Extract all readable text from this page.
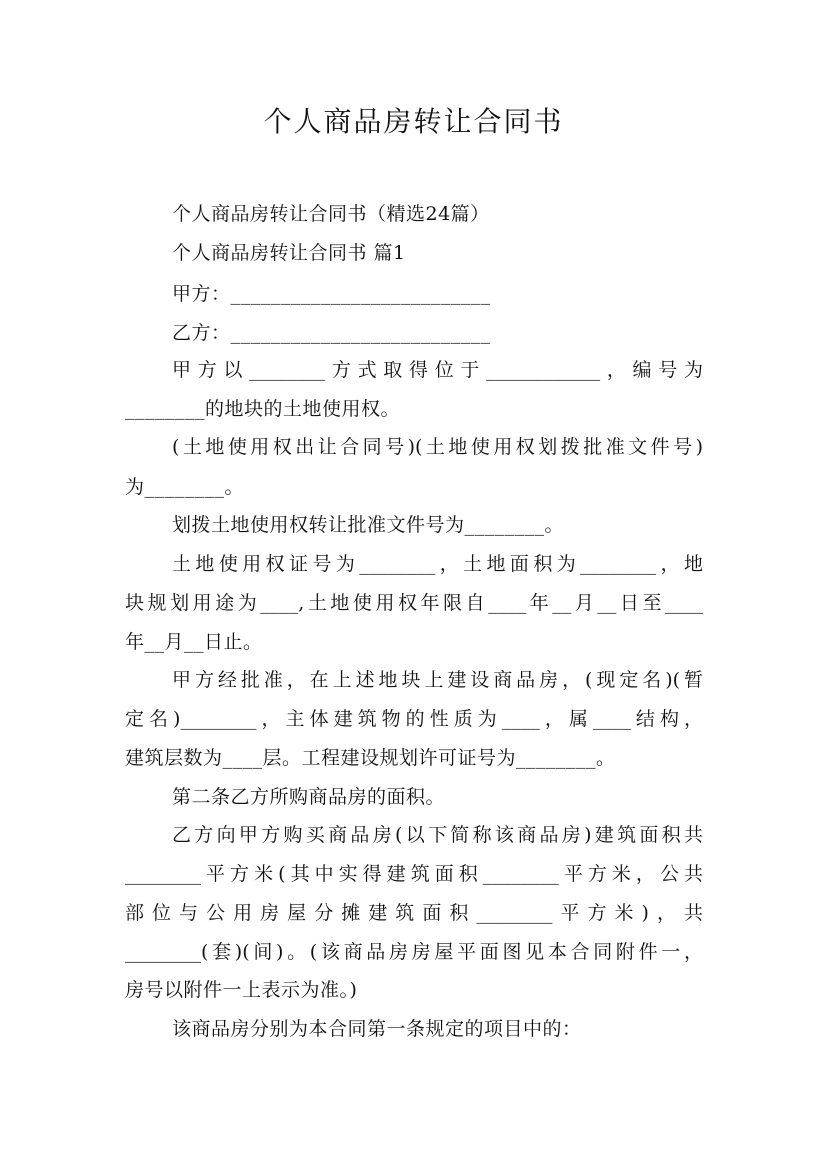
个人商品房转让合同书

个人商品房转让合同书（精选24篇）

个人商品房转让合同书 篇1

甲方：__________________________

乙方：__________________________

甲方以________方式取得位于____________，编号为

________的地块的土地使用权。

(土地使用权出让合同号)(土地使用权划拨批准文件号)

为________。

划拨土地使用权转让批准文件号为________。

土地使用权证号为________，土地面积为________，地

块规划用途为____,土地使用权年限自____年__月__日至____

年__月__日止。

甲方经批准，在上述地块上建设商品房，(现定名)(暂

定名)________，主体建筑物的性质为____，属____结构，

建筑层数为____层。工程建设规划许可证号为________。

第二条乙方所购商品房的面积。

乙方向甲方购买商品房(以下简称该商品房)建筑面积共

________平方米(其中实得建筑面积________平方米，公共

部位与公用房屋分摊建筑面积________平方米)，共

________(套)(间)。(该商品房房屋平面图见本合同附件一，

房号以附件一上表示为准。)

该商品房分别为本合同第一条规定的项目中的：
